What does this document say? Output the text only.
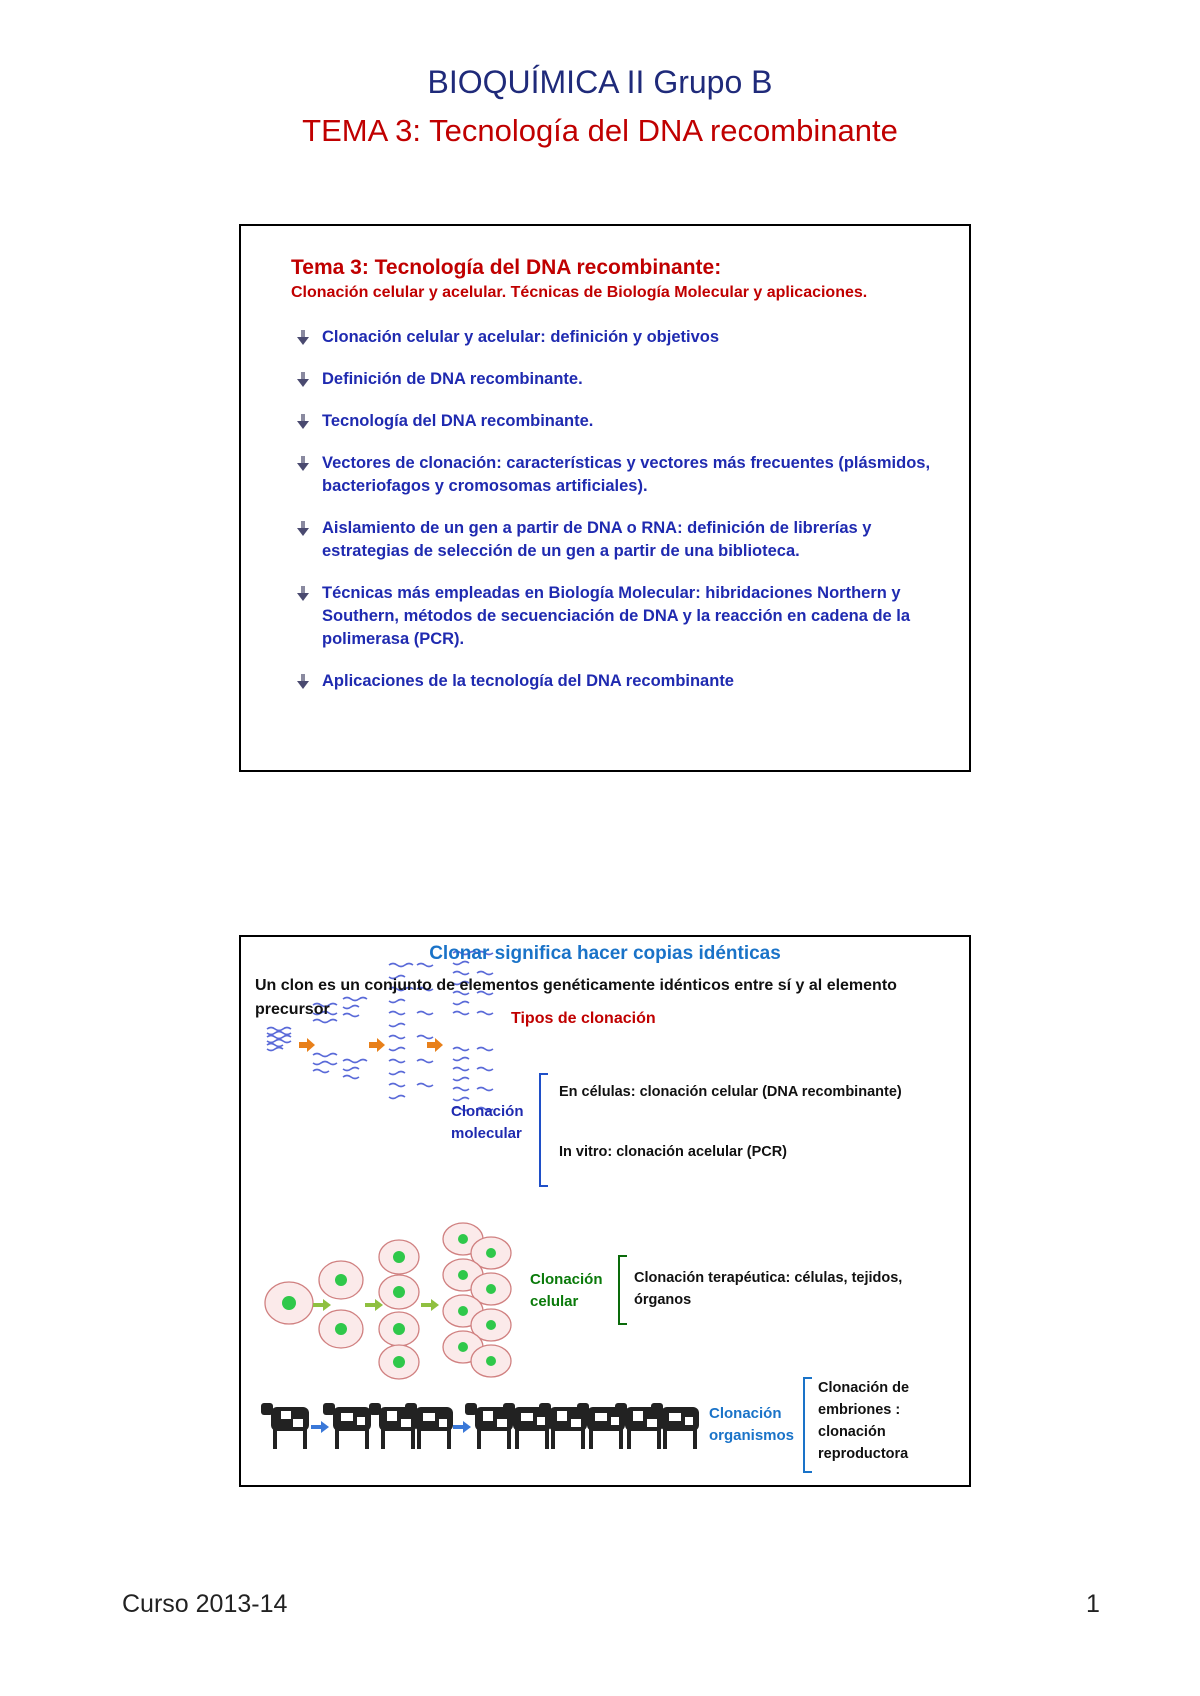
BIOQUÍMICA II Grupo B
TEMA 3: Tecnología del DNA recombinante
Tema 3: Tecnología del DNA recombinante:
Clonación celular y acelular. Técnicas de Biología Molecular y aplicaciones.
Clonación celular y acelular: definición y objetivos
Definición de DNA recombinante.
Tecnología del DNA recombinante.
Vectores de clonación: características y vectores más frecuentes (plásmidos, bacteriofagos y cromosomas artificiales).
Aislamiento de un gen a partir de DNA o RNA: definición de librerías y estrategias de selección de un gen a partir de una biblioteca.
Técnicas más empleadas en Biología Molecular: hibridaciones Northern y Southern, métodos de secuenciación de DNA y la reacción en cadena de la polimerasa (PCR).
Aplicaciones de la tecnología del DNA recombinante
Clonar significa hacer copias idénticas
Un clon es un conjunto de elementos genéticamente idénticos entre sí y al elemento precursor
Tipos de clonación
Clonación molecular
En células: clonación celular (DNA recombinante)
In vitro: clonación acelular (PCR)
Clonación celular
Clonación terapéutica: células, tejidos, órganos
Clonación organismos
Clonación de embriones : clonación reproductora
Curso 2013-14	1
